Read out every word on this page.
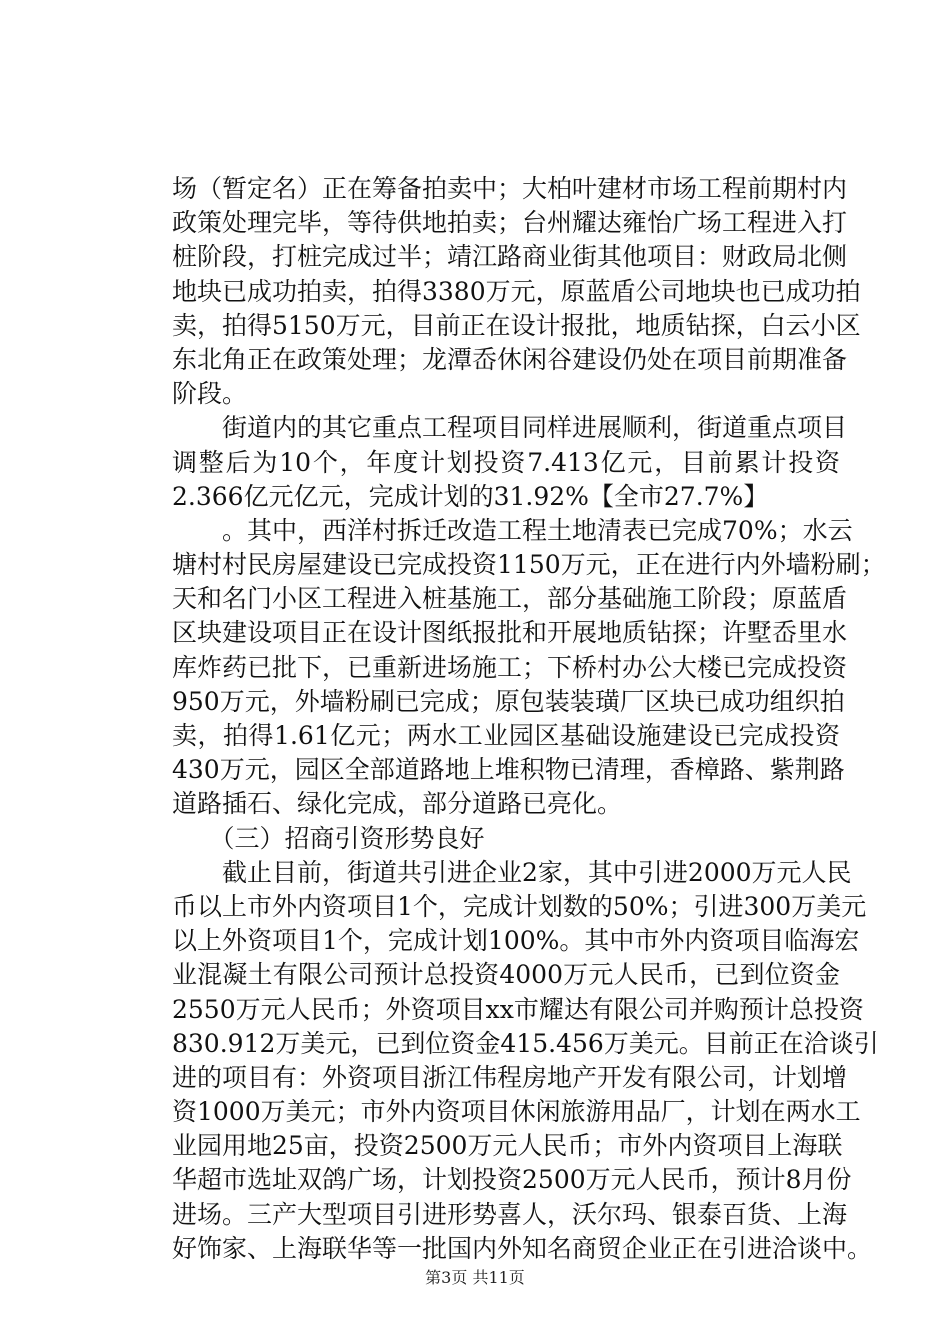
场（暂定名）正在筹备拍卖中；大柏叶建材市场工程前期村内
政策处理完毕，等待供地拍卖；台州耀达雍怡广场工程进入打
桩阶段，打桩完成过半；靖江路商业街其他项目：财政局北侧
地块已成功拍卖，拍得3380万元，原蓝盾公司地块也已成功拍
卖，拍得5150万元，目前正在设计报批，地质钻探，白云小区
东北角正在政策处理；龙潭岙休闲谷建设仍处在项目前期准备
阶段。
　　街道内的其它重点工程项目同样进展顺利，街道重点项目
调整后为10个，年度计划投资7.413亿元，目前累计投资
2.366亿元亿元，完成计划的31.92%【全市27.7%】
　　。其中，西洋村拆迁改造工程土地清表已完成70%；水云
塘村村民房屋建设已完成投资1150万元，正在进行内外墙粉刷；
天和名门小区工程进入桩基施工，部分基础施工阶段；原蓝盾
区块建设项目正在设计图纸报批和开展地质钻探；许墅岙里水
库炸药已批下，已重新进场施工；下桥村办公大楼已完成投资
950万元，外墙粉刷已完成；原包装装璜厂区块已成功组织拍
卖，拍得1.61亿元；两水工业园区基础设施建设已完成投资
430万元，园区全部道路地上堆积物已清理，香樟路、紫荆路
道路插石、绿化完成，部分道路已亮化。
　　（三）招商引资形势良好
　　截止目前，街道共引进企业2家，其中引进2000万元人民
币以上市外内资项目1个，完成计划数的50%；引进300万美元
以上外资项目1个，完成计划100%。其中市外内资项目临海宏
业混凝土有限公司预计总投资4000万元人民币，已到位资金
2550万元人民币；外资项目xx市耀达有限公司并购预计总投资
830.912万美元，已到位资金415.456万美元。目前正在洽谈引
进的项目有：外资项目浙江伟程房地产开发有限公司，计划增
资1000万美元；市外内资项目休闲旅游用品厂，计划在两水工
业园用地25亩，投资2500万元人民币；市外内资项目上海联
华超市选址双鸽广场，计划投资2500万元人民币，预计8月份
进场。三产大型项目引进形势喜人，沃尔玛、银泰百货、上海
好饰家、上海联华等一批国内外知名商贸企业正在引进洽谈中。
第3页 共11页
